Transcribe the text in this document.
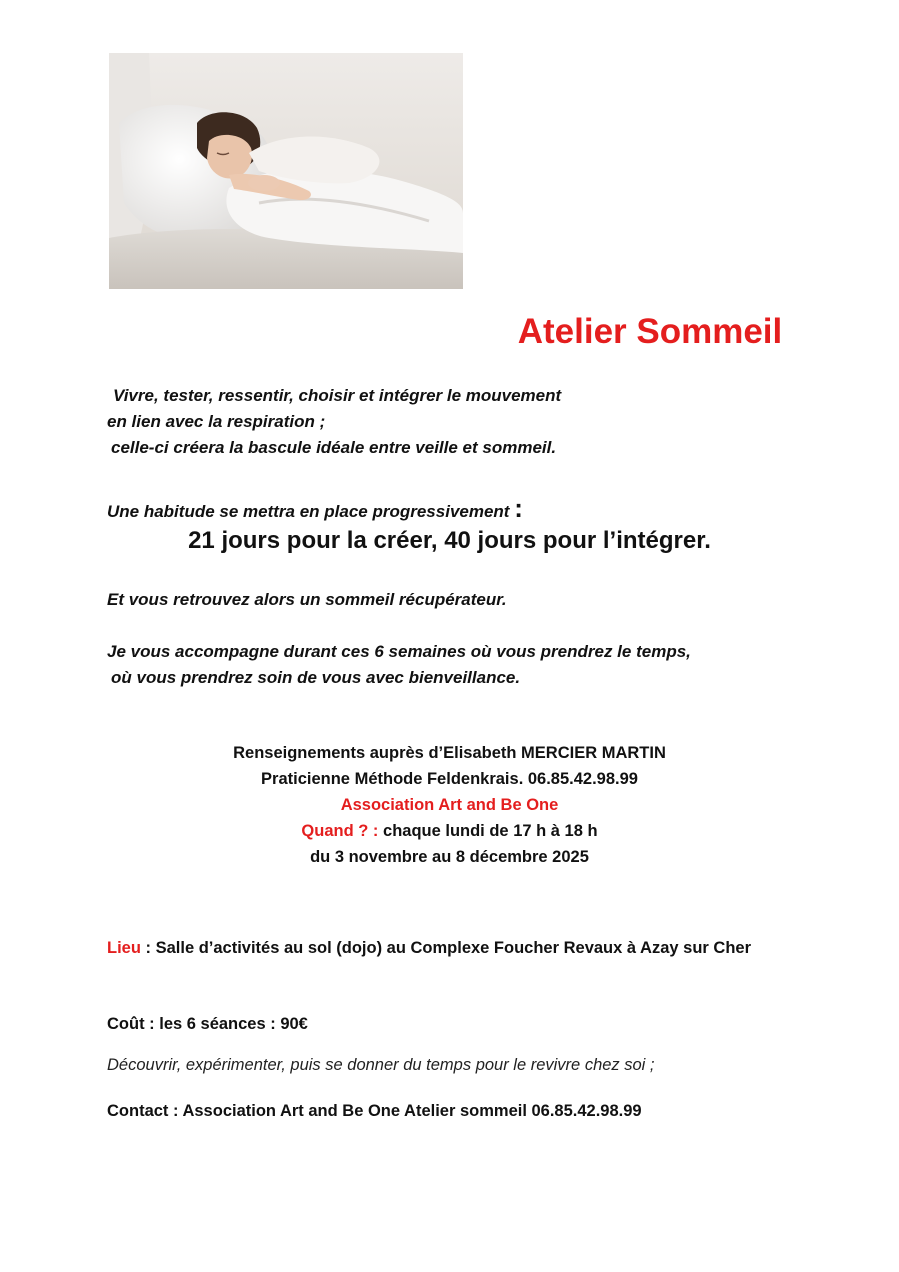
Atelier Sommeil
Vivre, tester, ressentir, choisir et intégrer le mouvement
en lien avec la respiration ;
celle-ci créera la bascule idéale entre veille et sommeil.
Une habitude se mettra en place progressivement :
21 jours pour la créer, 40 jours pour l’intégrer.
Et vous retrouvez alors un sommeil récupérateur.
Je vous accompagne durant ces 6 semaines où vous prendrez le temps,
où vous prendrez soin de vous avec bienveillance.
Renseignements auprès d’Elisabeth MERCIER MARTIN
Praticienne Méthode Feldenkrais. 06.85.42.98.99
Association Art and Be One
Quand ? : chaque lundi de 17 h à 18 h
du 3 novembre au 8 décembre 2025
Lieu : Salle d’activités au sol (dojo) au Complexe Foucher Revaux à Azay sur Cher
Coût : les 6 séances : 90€
Découvrir, expérimenter, puis se donner du temps pour le revivre chez soi ;
Contact : Association Art and Be One Atelier sommeil 06.85.42.98.99
